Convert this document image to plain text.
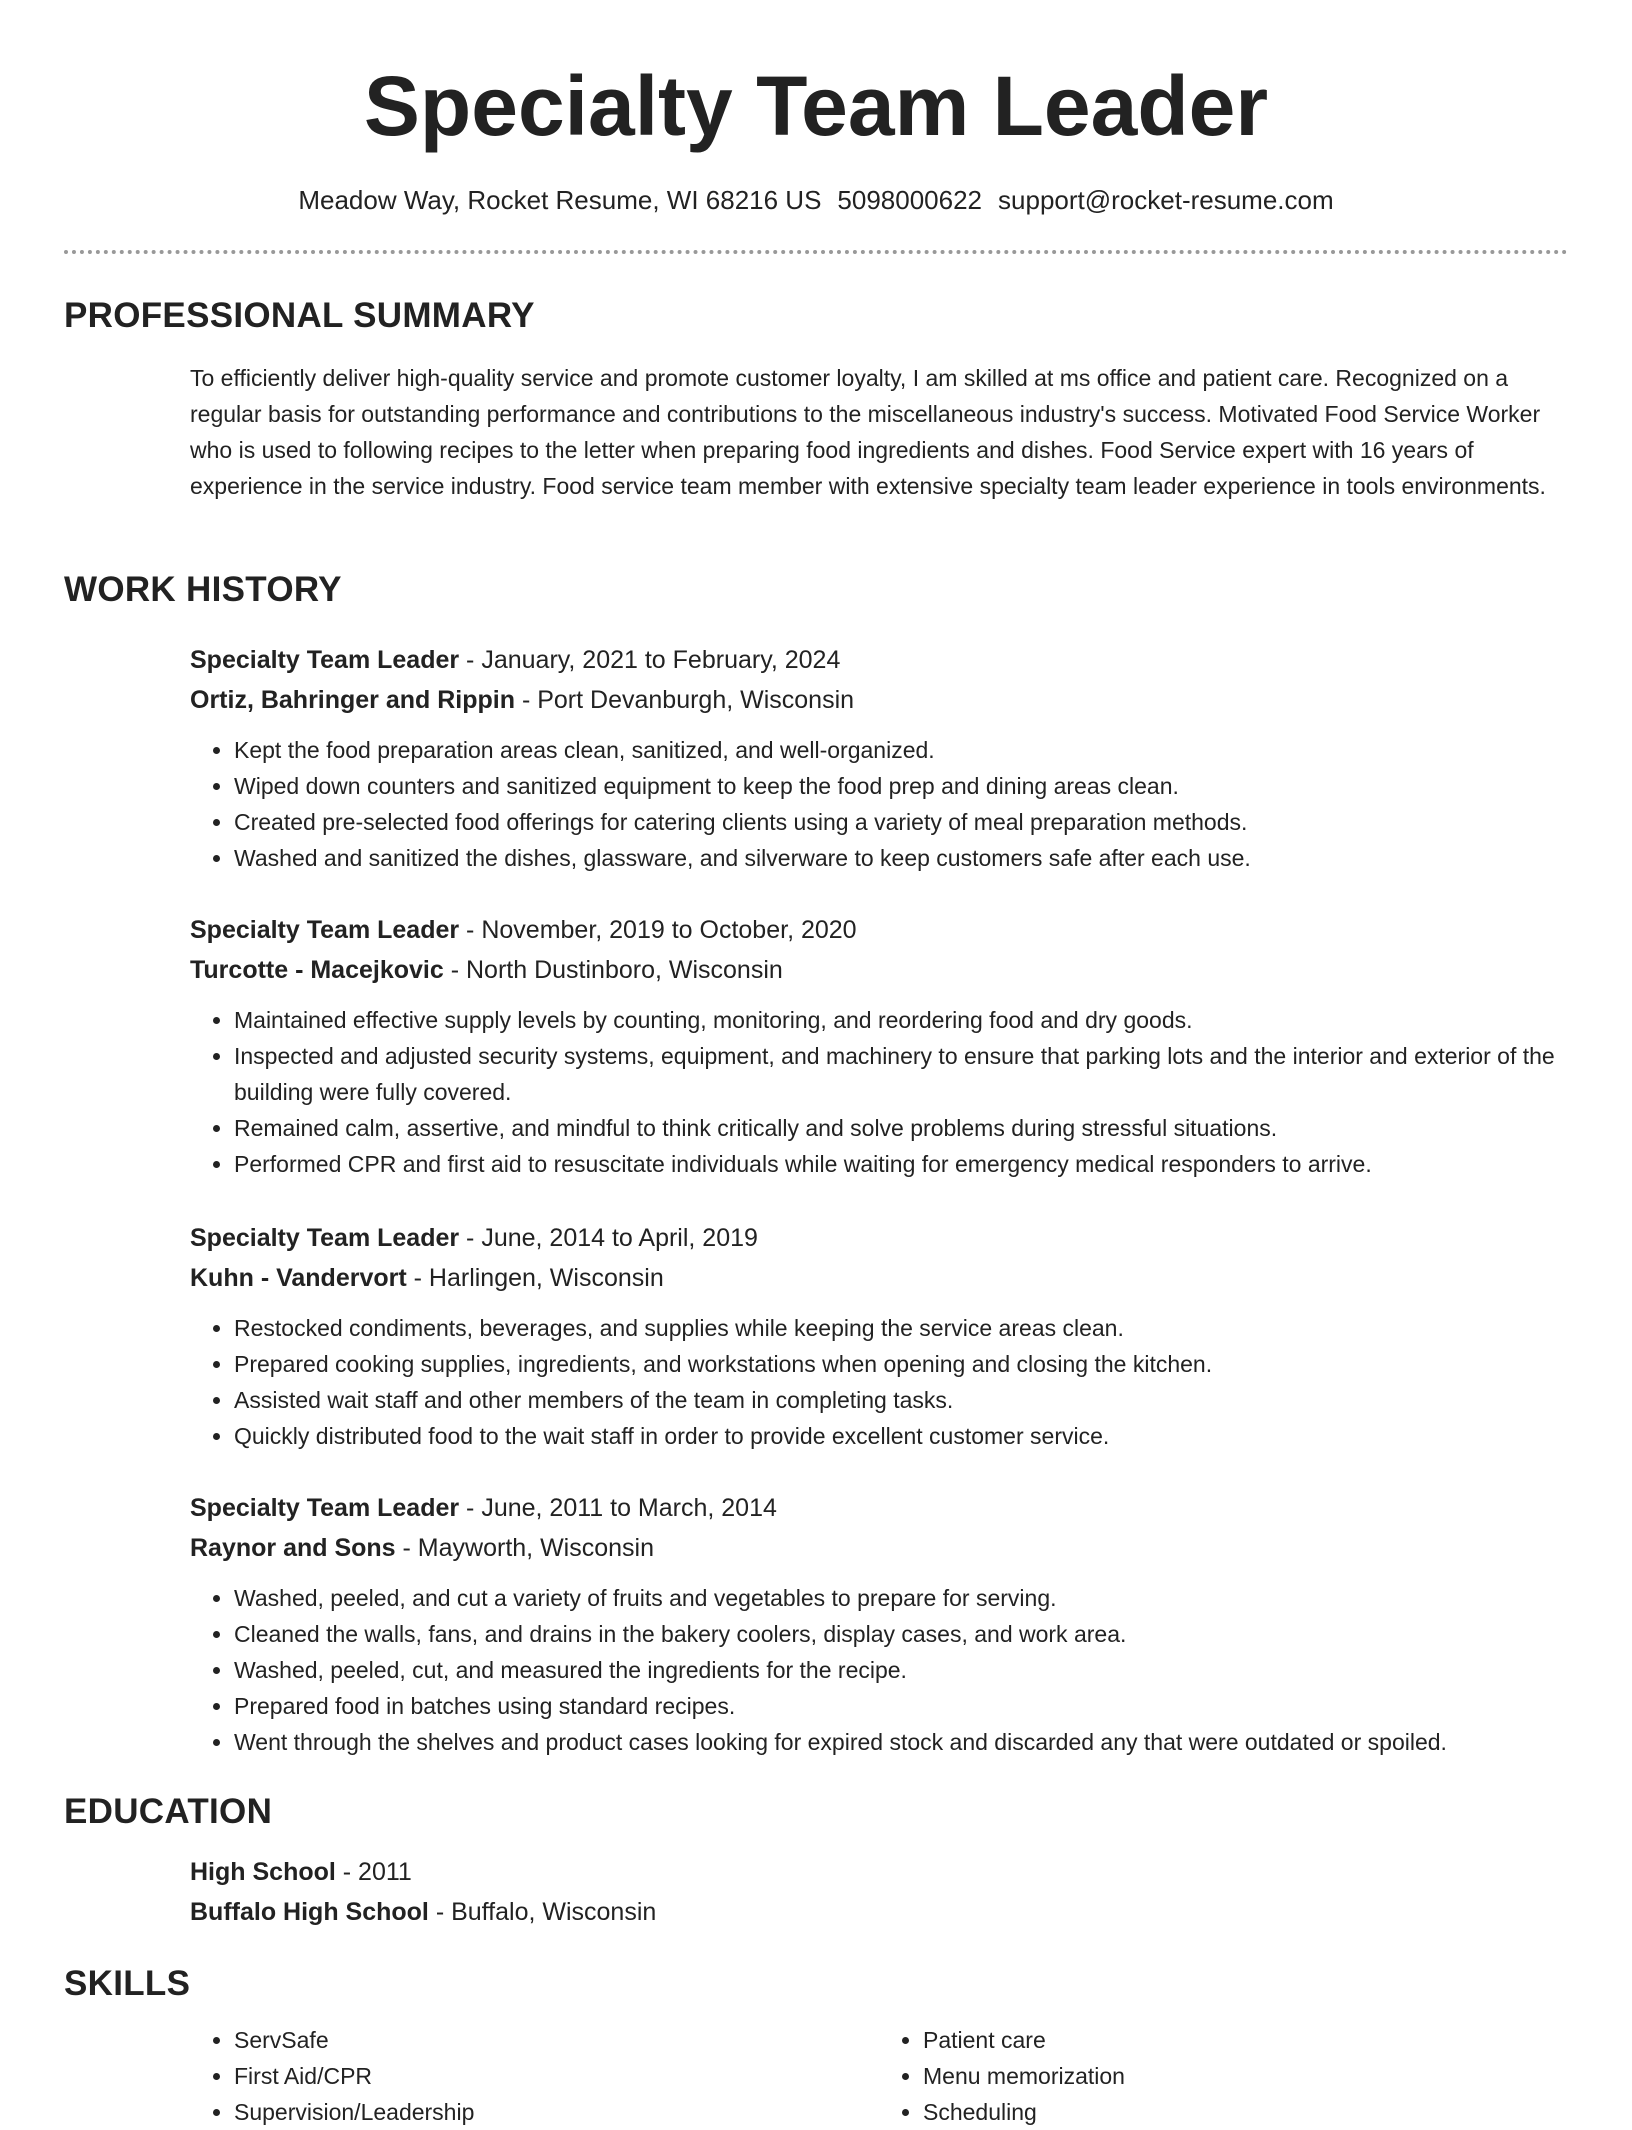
Specialty Team Leader
Meadow Way, Rocket Resume, WI 68216 US 5098000622 support@rocket-resume.com
PROFESSIONAL SUMMARY

To efficiently deliver high-quality service and promote customer loyalty, I am skilled at ms office and patient care. Recognized on a regular basis for outstanding performance and contributions to the miscellaneous industry's success. Motivated Food Service Worker who is used to following recipes to the letter when preparing food ingredients and dishes. Food Service expert with 16 years of experience in the service industry. Food service team member with extensive specialty team leader experience in tools environments.

WORK HISTORY
Specialty Team Leader - January, 2021 to February, 2024
Ortiz, Bahringer and Rippin - Port Devanburgh, Wisconsin
• Kept the food preparation areas clean, sanitized, and well-organized.
• Wiped down counters and sanitized equipment to keep the food prep and dining areas clean.
• Created pre-selected food offerings for catering clients using a variety of meal preparation methods.
• Washed and sanitized the dishes, glassware, and silverware to keep customers safe after each use.
Specialty Team Leader - November, 2019 to October, 2020
Turcotte - Macejkovic - North Dustinboro, Wisconsin
• Maintained effective supply levels by counting, monitoring, and reordering food and dry goods.
• Inspected and adjusted security systems, equipment, and machinery to ensure that parking lots and the interior and exterior of the building were fully covered.
• Remained calm, assertive, and mindful to think critically and solve problems during stressful situations.
• Performed CPR and first aid to resuscitate individuals while waiting for emergency medical responders to arrive.
Specialty Team Leader - June, 2014 to April, 2019
Kuhn - Vandervort - Harlingen, Wisconsin
• Restocked condiments, beverages, and supplies while keeping the service areas clean.
• Prepared cooking supplies, ingredients, and workstations when opening and closing the kitchen.
• Assisted wait staff and other members of the team in completing tasks.
• Quickly distributed food to the wait staff in order to provide excellent customer service.
Specialty Team Leader - June, 2011 to March, 2014
Raynor and Sons - Mayworth, Wisconsin
• Washed, peeled, and cut a variety of fruits and vegetables to prepare for serving.
• Cleaned the walls, fans, and drains in the bakery coolers, display cases, and work area.
• Washed, peeled, cut, and measured the ingredients for the recipe.
• Prepared food in batches using standard recipes.
• Went through the shelves and product cases looking for expired stock and discarded any that were outdated or spoiled.
EDUCATION
High School - 2011
Buffalo High School - Buffalo, Wisconsin
SKILLS
• ServSafe
• First Aid/CPR
• Supervision/Leadership
• Patient care
• Menu memorization
• Scheduling
